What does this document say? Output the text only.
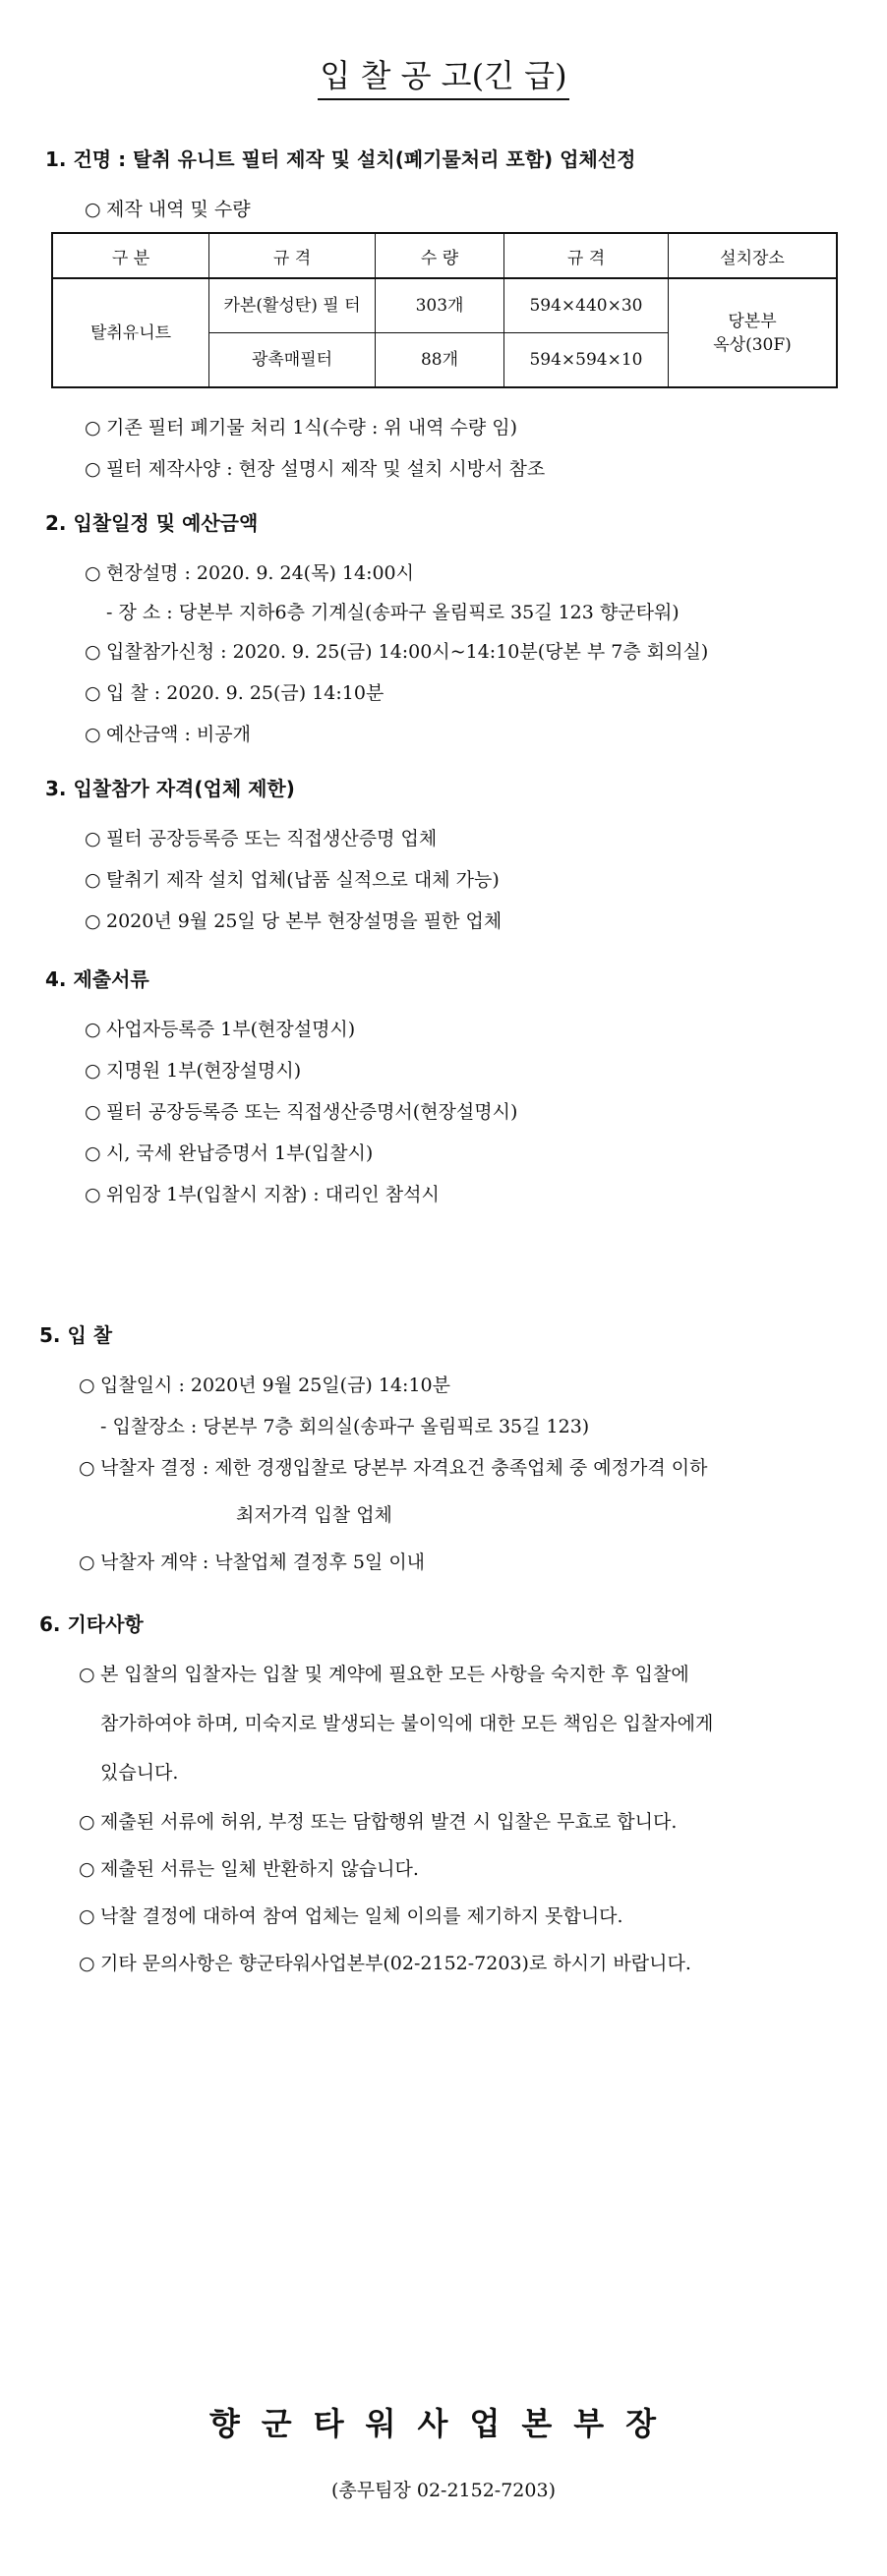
입 찰 공 고(긴 급)
1. 건명 : 탈취 유니트 필터 제작 및 설치(폐기물처리 포함) 업체선정
○ 제작 내역 및 수량
구 분	규 격	수 량	규 격	설치장소
탈취유니트	카본(활성탄) 필 터	303개	594×440×30	당본부
옥상(30F)
	광촉매필터	88개	594×594×10	
○ 기존 필터 폐기물 처리 1식(수량 : 위 내역 수량 임)
○ 필터 제작사양 : 현장 설명시 제작 및 설치 시방서 참조
2. 입찰일정 및 예산금액
○ 현장설명 : 2020. 9. 24(목) 14:00시
- 장 소 : 당본부 지하6층 기계실(송파구 올림픽로 35길 123 향군타워)
○ 입찰참가신청 : 2020. 9. 25(금) 14:00시~14:10분(당본 부 7층 회의실)
○ 입 찰 : 2020. 9. 25(금) 14:10분
○ 예산금액 : 비공개
3. 입찰참가 자격(업체 제한)
○ 필터 공장등록증 또는 직접생산증명 업체
○ 탈취기 제작 설치 업체(납품 실적으로 대체 가능)
○ 2020년 9월 25일 당 본부 현장설명을 필한 업체
4. 제출서류
○ 사업자등록증 1부(현장설명시)
○ 지명원 1부(현장설명시)
○ 필터 공장등록증 또는 직접생산증명서(현장설명시)
○ 시, 국세 완납증명서 1부(입찰시)
○ 위임장 1부(입찰시 지참) : 대리인 참석시
5. 입 찰
○ 입찰일시 : 2020년 9월 25일(금) 14:10분
- 입찰장소 : 당본부 7층 회의실(송파구 올림픽로 35길 123)
○ 낙찰자 결정 : 제한 경쟁입찰로 당본부 자격요건 충족업체 중 예정가격 이하
최저가격 입찰 업체
○ 낙찰자 계약 : 낙찰업체 결정후 5일 이내
6. 기타사항
○ 본 입찰의 입찰자는 입찰 및 계약에 필요한 모든 사항을 숙지한 후 입찰에
참가하여야 하며, 미숙지로 발생되는 불이익에 대한 모든 책임은 입찰자에게
있습니다.
○ 제출된 서류에 허위, 부정 또는 담합행위 발견 시 입찰은 무효로 합니다.
○ 제출된 서류는 일체 반환하지 않습니다.
○ 낙찰 결정에 대하여 참여 업체는 일체 이의를 제기하지 못합니다.
○ 기타 문의사항은 향군타워사업본부(02-2152-7203)로 하시기 바랍니다.
향군타워사업본부장
(총무팀장 02-2152-7203)
